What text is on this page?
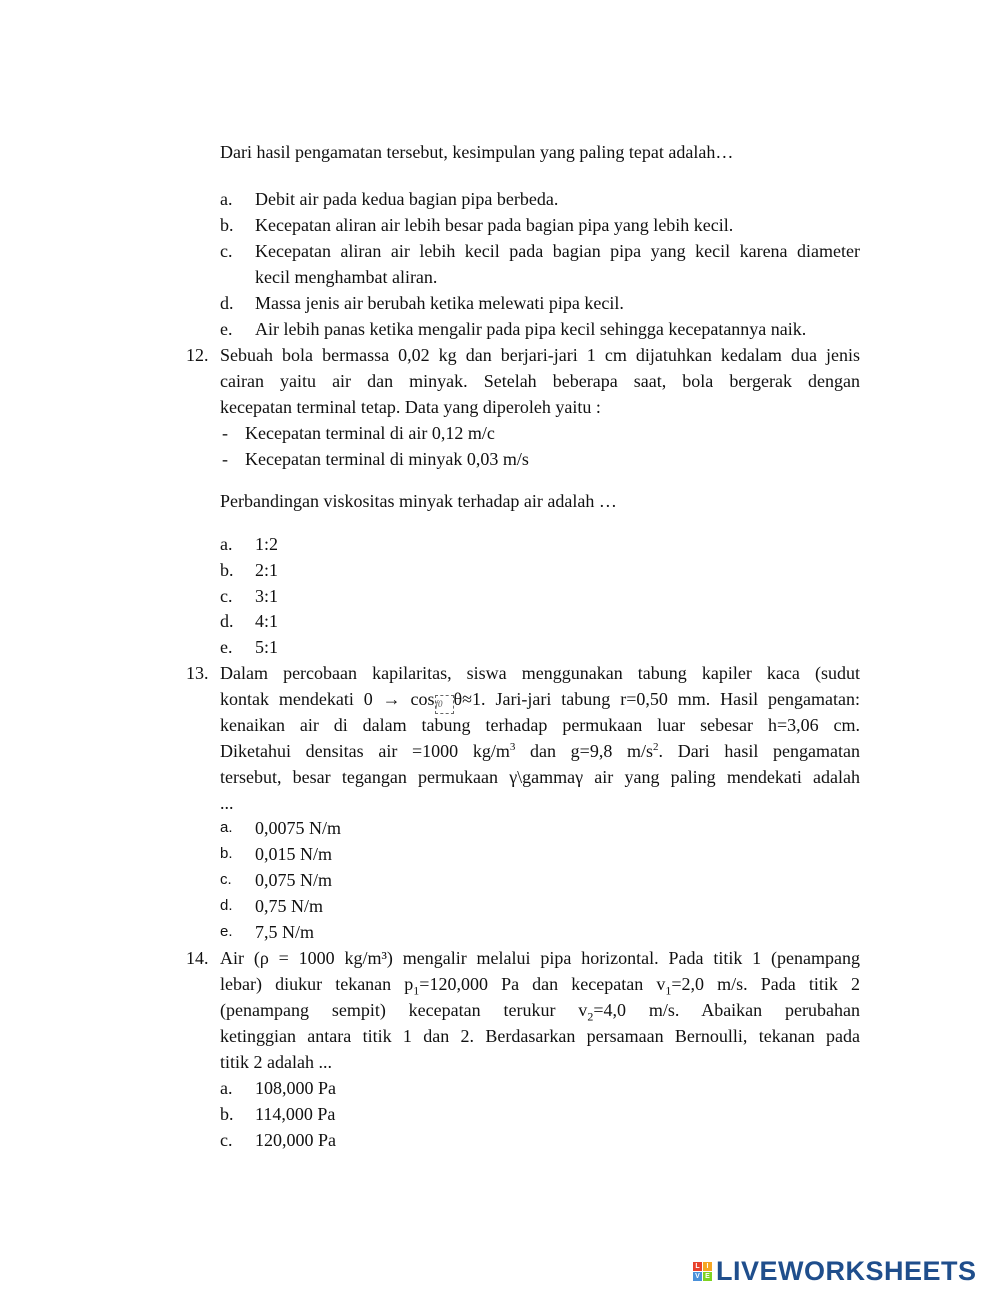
Dari hasil pengamatan tersebut, kesimpulan yang paling tepat adalah…
a. Debit air pada kedua bagian pipa berbeda.
b. Kecepatan aliran air lebih besar pada bagian pipa yang lebih kecil.
c. Kecepatan aliran air lebih kecil pada bagian pipa yang kecil karena diameter
kecil menghambat aliran.
d. Massa jenis air berubah ketika melewati pipa kecil.
e. Air lebih panas ketika mengalir pada pipa kecil sehingga kecepatannya naik.
12. Sebuah bola bermassa 0,02 kg dan berjari-jari 1 cm dijatuhkan kedalam dua jenis
cairan yaitu air dan minyak. Setelah beberapa saat, bola bergerak dengan
kecepatan terminal tetap. Data yang diperoleh yaitu :
- Kecepatan terminal di air 0,12 m/c
- Kecepatan terminal di minyak 0,03 m/s
Perbandingan viskositas minyak terhadap air adalah …
a. 1:2
b. 2:1
c. 3:1
d. 4:1
e. 5:1
13. Dalam percobaan kapilaritas, siswa menggunakan tabung kapiler kaca (sudut
kontak mendekati 0 → cosf0 θ≈1. Jari-jari tabung r=0,50 mm. Hasil pengamatan:
kenaikan air di dalam tabung terhadap permukaan luar sebesar h=3,06 cm.
Diketahui densitas air =1000 $kg/m^3$ dan g=9,8 $m/s^2$. Dari hasil pengamatan
tersebut, besar tegangan permukaan γ\gammaγ air yang paling mendekati adalah
...
a. 0,0075 N/m
b. 0,015 N/m
c. 0,075 N/m
d. 0,75 N/m
e. 7,5 N/m
14. Air (ρ = 1000 kg/m³) mengalir melalui pipa horizontal. Pada titik 1 (penampang
lebar) diukur tekanan $p_1=120,000$ Pa dan kecepatan $v_1=2,0$ m/s. Pada titik 2
(penampang sempit) kecepatan terukur $v_2=4,0$ m/s. Abaikan perubahan
ketinggian antara titik 1 dan 2. Berdasarkan persamaan Bernoulli, tekanan pada
titik 2 adalah ...
a. 108,000 Pa
b. 114,000 Pa
c. 120,000 Pa
L I
V E LIVEWORKSHEETS
